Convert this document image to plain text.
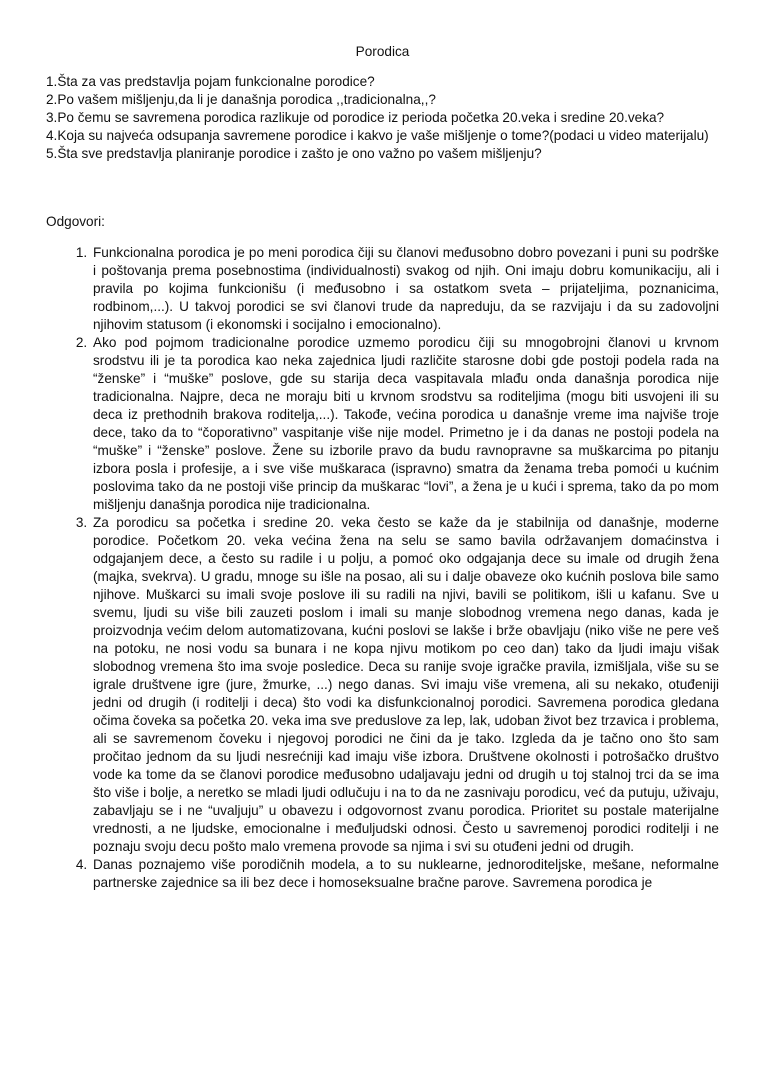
Porodica

1.Šta za vas predstavlja pojam funkcionalne porodice?

2.Po vašem mišljenju,da li je današnja porodica ,,tradicionalna,,?

3.Po čemu se savremena porodica razlikuje od porodice iz perioda početka 20.veka i sredine 20.veka?

4.Koja su najveća odsupanja savremene porodice i kakvo je vaše mišljenje o tome?(podaci u video materijalu)

5.Šta sve predstavlja planiranje porodice i zašto je ono važno po vašem mišljenju?

Odgovori:
1. Funkcionalna porodica je po meni porodica čiji su članovi međusobno dobro povezani i puni su podrške i poštovanja prema posebnostima (individualnosti) svakog od njih. Oni imaju dobru komunikaciju, ali i pravila po kojima funkcionišu (i međusobno i sa ostatkom sveta – prijateljima, poznanicima, rodbinom,...). U takvoj porodici se svi članovi trude da napreduju, da se razvijaju i da su zadovoljni njihovim statusom (i ekonomski i socijalno i emocionalno).
2. Ako pod pojmom tradicionalne porodice uzmemo porodicu čiji su mnogobrojni članovi u krvnom srodstvu ili je ta porodica kao neka zajednica ljudi različite starosne dobi gde postoji podela rada na “ženske” i “muške” poslove, gde su starija deca vaspitavala mlađu onda današnja porodica nije tradicionalna. Najpre, deca ne moraju biti u krvnom srodstvu sa roditeljima (mogu biti usvojeni ili su deca iz prethodnih brakova roditelja,...). Takođe, većina porodica u današnje vreme ima najviše troje dece, tako da to “čoporativno” vaspitanje više nije model. Primetno je i da danas ne postoji podela na “muške” i “ženske” poslove. Žene su izborile pravo da budu ravnopravne sa muškarcima po pitanju izbora posla i profesije, a i sve više muškaraca (ispravno) smatra da ženama treba pomoći u kućnim poslovima tako da ne postoji više princip da muškarac “lovi”, a žena je u kući i sprema, tako da po mom mišljenju današnja porodica nije tradicionalna.
3. Za porodicu sa početka i sredine 20. veka često se kaže da je stabilnija od današnje, moderne porodice. Početkom 20. veka većina žena na selu se samo bavila održavanjem domaćinstva i odgajanjem dece, a često su radile i u polju, a pomoć oko odgajanja dece su imale od drugih žena (majka, svekrva). U gradu, mnoge su išle na posao, ali su i dalje obaveze oko kućnih poslova bile samo njihove. Muškarci su imali svoje poslove ili su radili na njivi, bavili se politikom, išli u kafanu. Sve u svemu, ljudi su više bili zauzeti poslom i imali su manje slobodnog vremena nego danas, kada je proizvodnja većim delom automatizovana, kućni poslovi se lakše i brže obavljaju (niko više ne pere veš na potoku, ne nosi vodu sa bunara i ne kopa njivu motikom po ceo dan) tako da ljudi imaju višak slobodnog vremena što ima svoje posledice. Deca su ranije svoje igračke pravila, izmišljala, više su se igrale društvene igre (jure, žmurke, ...) nego danas. Svi imaju više vremena, ali su nekako, otuđeniji jedni od drugih (i roditelji i deca) što vodi ka disfunkcionalnoj porodici. Savremena porodica gledana očima čoveka sa početka 20. veka ima sve preduslove za lep, lak, udoban život bez trzavica i problema, ali se savremenom čoveku i njegovoj porodici ne čini da je tako. Izgleda da je tačno ono što sam pročitao jednom da su ljudi nesrećniji kad imaju više izbora. Društvene okolnosti i potrošačko društvo vode ka tome da se članovi porodice međusobno udaljavaju jedni od drugih u toj stalnoj trci da se ima što više i bolje, a neretko se mladi ljudi odlučuju i na to da ne zasnivaju porodicu, već da putuju, uživaju, zabavljaju se i ne “uvaljuju” u obavezu i odgovornost zvanu porodica. Prioritet su postale materijalne vrednosti, a ne ljudske, emocionalne i međuljudski odnosi. Često u savremenoj porodici roditelji i ne poznaju svoju decu pošto malo vremena provode sa njima i svi su otuđeni jedni od drugih.
4. Danas poznajemo više porodičnih modela, a to su nuklearne, jednoroditeljske, mešane, neformalne partnerske zajednice sa ili bez dece i homoseksualne bračne parove. Savremena porodica je
